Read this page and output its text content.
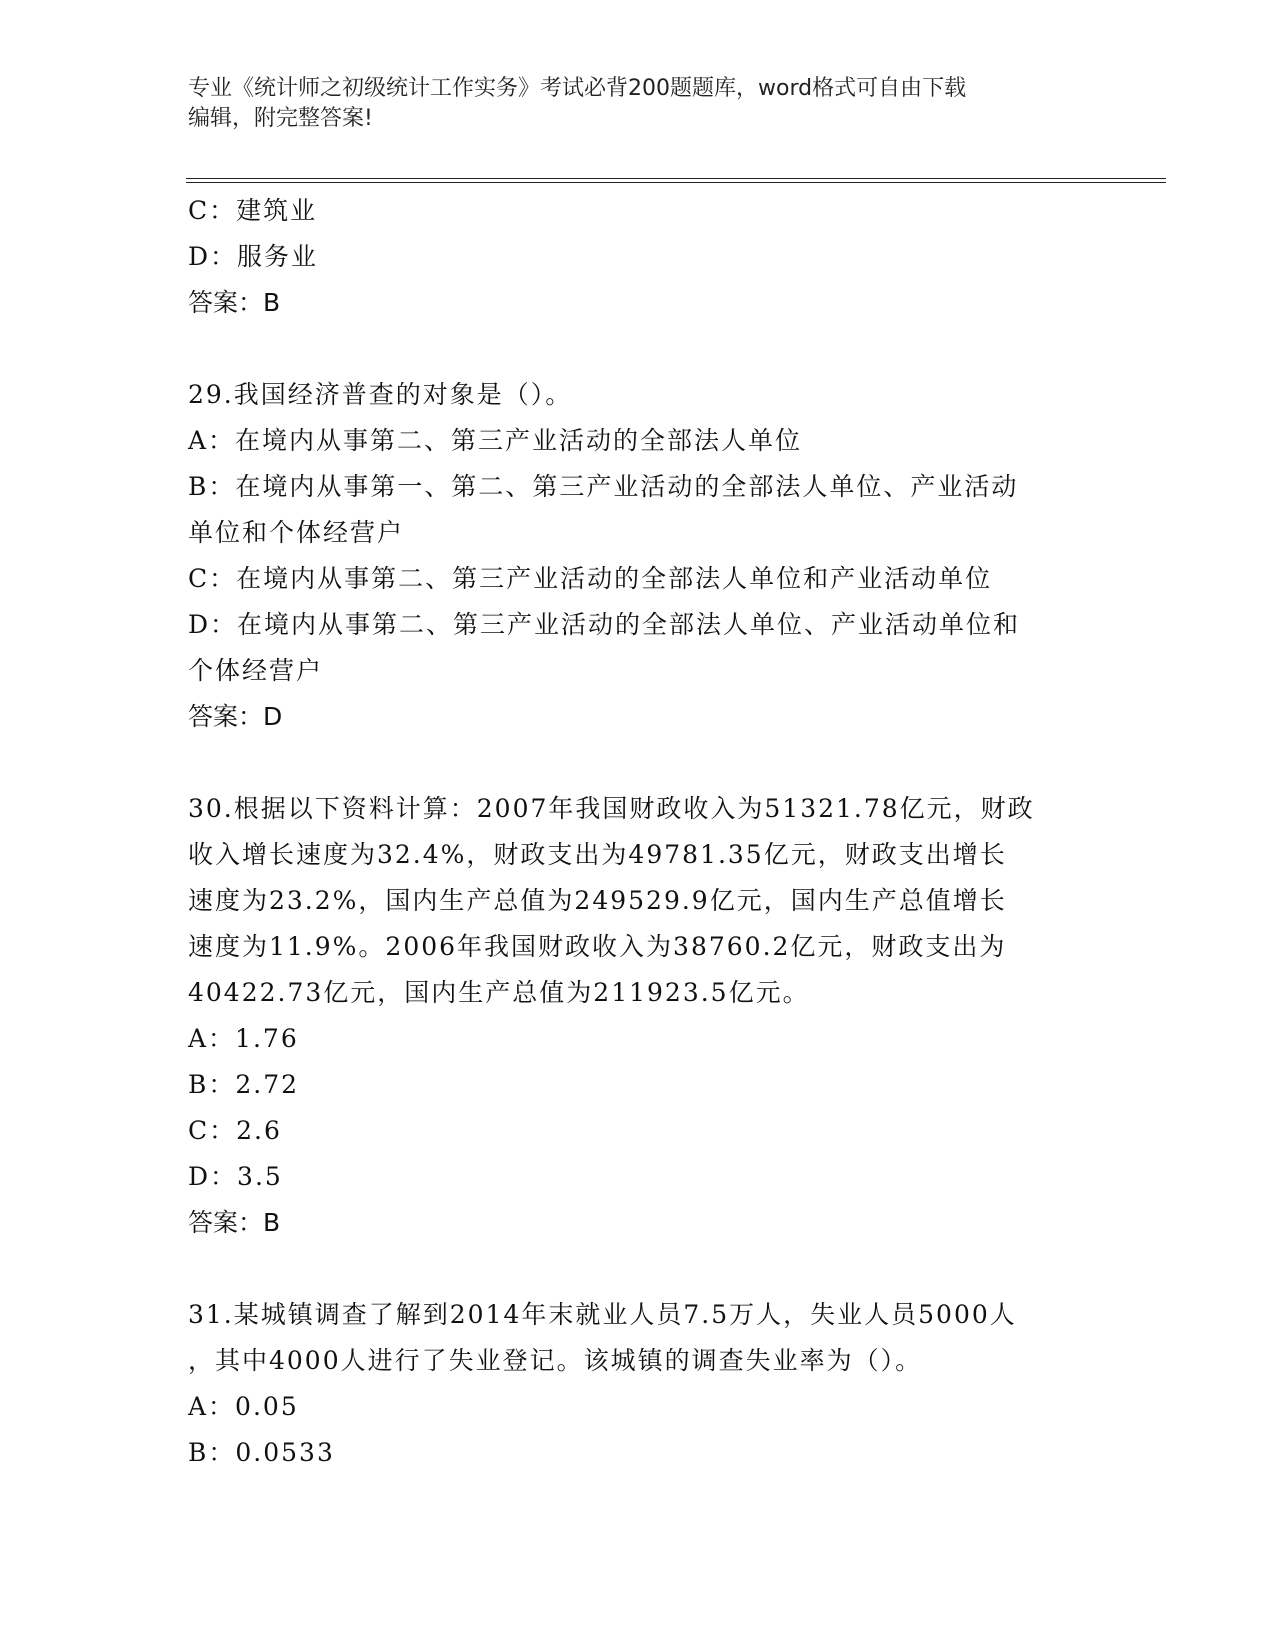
专业《统计师之初级统计工作实务》考试必背200题题库，word格式可自由下载
编辑，附完整答案!

C：建筑业

D：服务业

答案：B

29.我国经济普查的对象是（）。

A：在境内从事第二、第三产业活动的全部法人单位

B：在境内从事第一、第二、第三产业活动的全部法人单位、产业活动

单位和个体经营户

C：在境内从事第二、第三产业活动的全部法人单位和产业活动单位

D：在境内从事第二、第三产业活动的全部法人单位、产业活动单位和

个体经营户

答案：D

30.根据以下资料计算：2007年我国财政收入为51321.78亿元，财政

收入增长速度为32.4%，财政支出为49781.35亿元，财政支出增长

速度为23.2%，国内生产总值为249529.9亿元，国内生产总值增长

速度为11.9%。2006年我国财政收入为38760.2亿元，财政支出为

40422.73亿元，国内生产总值为211923.5亿元。

A：1.76

B：2.72

C：2.6

D：3.5

答案：B

31.某城镇调查了解到2014年末就业人员7.5万人，失业人员5000人

，其中4000人进行了失业登记。该城镇的调查失业率为（）。

A：0.05

B：0.0533
